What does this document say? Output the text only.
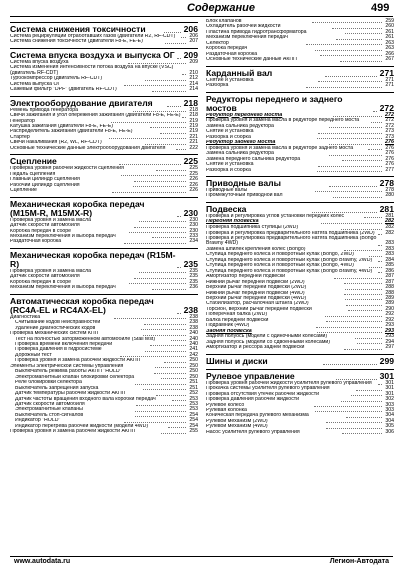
Содержание	499
Система снижения токсичности	206
Система рециркуляции отработавших газов (двигатели R2, RF-CDT)	206
Система снижения токсичности (двигатели F8-E, FE-E)	207
Система впуска воздуха и выпуска ОГ 209
Система впуска воздуха	209
Система изменения интенсивности потока воздуха на впуске (VSC) (двигатель RF-CDT)	210
Турбокомпрессор (двигатель RF-CDT)	212
Система выпуска ОГ	214
Сажевый фильтр "DPF" (двигатель RF-CDT)	214
Электрооборудование двигателя	218
Ремень привода генератора	218
Свечи зажигания и угол опережения зажигания (двигатели F8-E, FE-E)	218
Генератор	219
Катушка зажигания (двигатели F8-E, FE-E)	219
Распределитель зажигания (двигатели F8-E, FE-E)	219
Стартер	221
Свечи накаливания (R2, WL, RF-CDT)	221
Основные технические данные электрооборудования двигателя	222
Сцепление	225
Проверка уровня рабочей жидкости сцепления	225
Педаль сцепления	225
Главный цилиндр сцепления	226
Рабочий цилиндр сцепления	226
Сцепление	226
Механическая коробка передач (M15M-R, M15MX-R)	230
Проверка уровня и замена масла	230
Датчик скорости автомобиля	230
Коробка передач в сборе	230
Механизм переключения и выбора передач	233
Раздаточная коробка	234
Механическая коробка передач (R15M-R)	235
Проверка уровня и замена масла	235
Датчик скорости автомобиля	235
Коробка передач в сборе	235
Механизм переключения и выбора передач	236
Автоматическая коробка передач (RC4A-EL и RC4AX-EL)	238
Диагностика	238
Считывание кодов неисправностей	238
Удаление диагностических кодов	238
Проверка механических систем КПП	240
Тест на полностью заторможенном автомобиле (Stall test)	240
Проверка времени включения передачи	240
Проверка давления в гидросистеме	241
Дорожный тест	242
Проверка уровня и замена рабочей жидкости АКПП	250
Элементы электрической системы управления	250
Выключатель режима работы АКПП "HOLD"	250
Электромагнитный клапан блокировки селектора	250
Реле блокировки селектора	251
Выключатель запрещения запуска	251
Датчик температуры рабочей жидкости АКПП	252
Датчик частоты вращения входного вала коробки передач	253
Датчик скорости автомобиля	253
Электромагнитные клапаны	253
Выключатель стоп-сигналов	254
Индикатор "HOLD"	254
Индикатор перегрева рабочей жидкости (модели 4WD)	254
Проверка уровня и замена рабочей жидкости АКПП	255
Блок клапанов	259
Охладитель рабочей жидкости	260
Пластина привода гидротрансформатора	261
Механизм переключения передач	261
Селектор	263
Коробка передач	263
Раздаточная коробка	266
Основные технические данные АКПП	267
Карданный вал	271
Снятие и установка	271
Разборка	271
Редукторы переднего и заднего мостов	272
Редуктор переднего моста	272
Проверка уровня и замена масла в редукторе переднего моста	272
Замена сальника редуктора	272
Снятие и установка	273
Разборка и сборка	273
Редуктор заднего моста	276
Проверка уровня и замена масла в редукторе заднего моста	276
Замена сальника редуктора	276
Замена переднего сальника редуктора	276
Снятие и установка	276
Разборка и сборка	277
Приводные валы	278
Приводные валы	278
Промежуточный приводной вал	280
Подвеска	281
Проверка и регулировка углов установки передних колес	281
Передняя подвеска	282
Проверка подшипника ступицы (2WD)	282
Проверка и регулировка предварительного натяга подшипника (2WD)	282
Проверка и регулировка предварительного натяга подшипника (Bongo Brawny 4WD)	283
Замена шпилек крепления колес (Bongo)	283
Ступица переднего колеса и поворотный кулак (Bongo, 2WD)	283
Ступица переднего колеса и поворотный кулак (Bongo Brawny, 2WD)	284
Ступица переднего колеса и поворотный кулак (Bongo, 4WD)	285
Ступица переднего колеса и поворотный кулак (Bongo Brawny, 4WD)	286
Амортизатор передней подвески	287
Нижний рычаг передней подвески (2WD)	287
Верхний рычаг передней подвески (2WD)	288
Нижний рычаг передней подвески (4WD)	288
Верхний рычаг передней подвески (4WD)	289
Стабилизатор, расчалочная штанга (2WD)	289
Торсион, верхний рычаг передней подвески	290
Поперечная балка (2WD)	292
Балка передней подвески	292
Подрамник (4WD)	293
Задняя подвеска	293
Задняя полуось (модели с одиночными колесами)	293
Задняя полуось (модели со сдвоенными колесами)	294
Амортизатор и рессора задней подвески	297
Шины и диски	299
Рулевое управление	301
Проверка уровня рабочей жидкости усилителя рулевого управления	301
Прокачка системы усилителя рулевого управления	301
Проверка отсутствия утечек рабочей жидкости	301
Проверка давления рабочей жидкости	302
Рулевое колесо	303
Рулевая колонка	303
Коническая передача рулевого механизма	304
Рулевой механизм (2WD)	304
Рулевой механизм (4WD)	305
Насос усилителя рулевого управления	306
www.autodata.ru	Легион-Автодата
